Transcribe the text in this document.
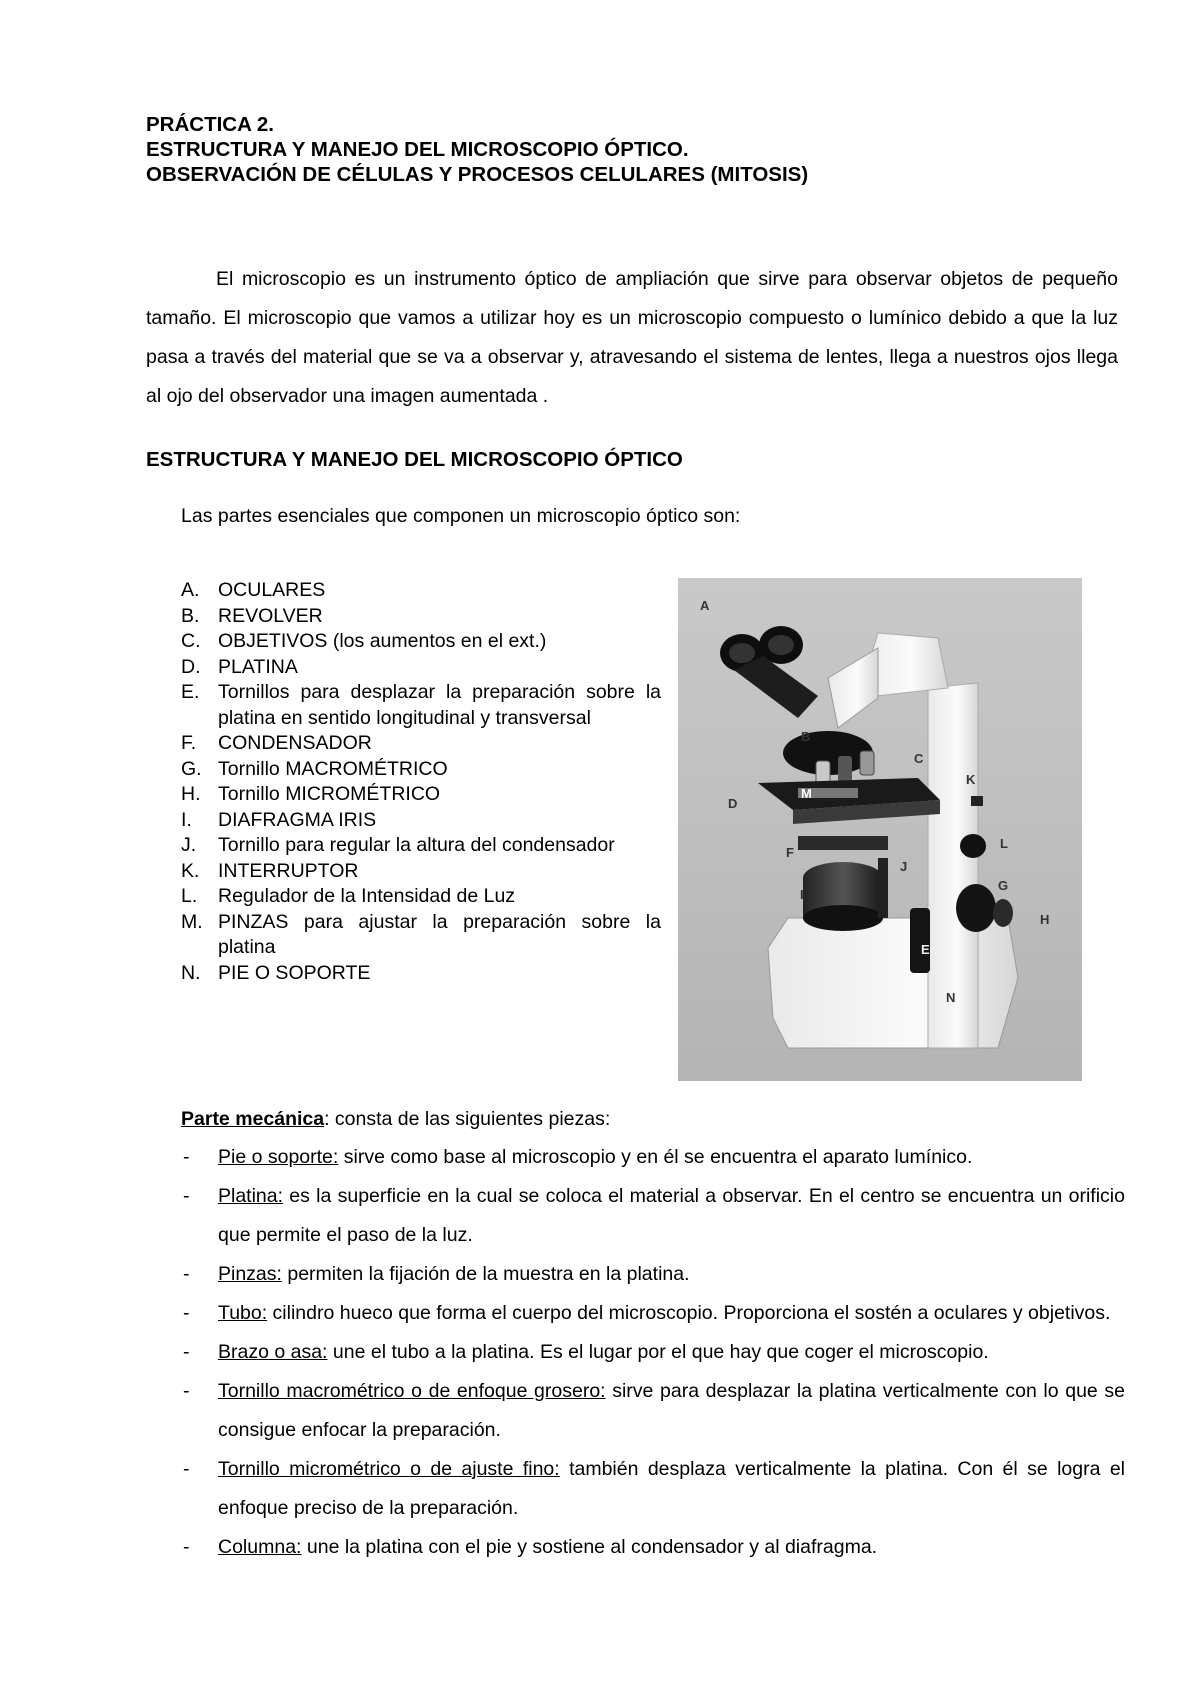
PRÁCTICA 2.
ESTRUCTURA Y MANEJO DEL MICROSCOPIO ÓPTICO.
OBSERVACIÓN DE CÉLULAS Y PROCESOS CELULARES (MITOSIS)

El microscopio es un instrumento óptico de ampliación que sirve para observar objetos de pequeño tamaño. El microscopio que vamos a utilizar hoy es un microscopio compuesto o lumínico debido a que la luz pasa a través del material que se va a observar y, atravesando el sistema de lentes, llega a nuestros ojos llega al ojo del observador una imagen aumentada .

ESTRUCTURA Y MANEJO DEL MICROSCOPIO ÓPTICO
Las partes esenciales que componen un microscopio óptico son:
A. OCULARES
B. REVOLVER
C. OBJETIVOS (los aumentos en el ext.)
D. PLATINA
E. Tornillos para desplazar la preparación sobre la platina en sentido longitudinal y transversal
F.	CONDENSADOR
G. Tornillo MACROMÉTRICO
H. Tornillo MICROMÉTRICO
I.	DIAFRAGMA IRIS
J.	Tornillo para regular la altura del condensador
K. INTERRUPTOR
L.	Regulador de la Intensidad de Luz
M. PINZAS para ajustar la preparación sobre la platina
N. PIE O SOPORTE
A
B
C
D
M
K
L
F
J
I
G
H
E
N
Parte mecánica: consta de las siguientes piezas:
- Pie o soporte: sirve como base al microscopio y en él se encuentra el aparato lumínico.
- Platina: es la superficie en la cual se coloca el material a observar. En el centro se encuentra un orificio que permite el paso de la luz.
- Pinzas: permiten la fijación de la muestra en la platina.
- Tubo: cilindro hueco que forma el cuerpo del microscopio. Proporciona el sostén a oculares y objetivos.
- Brazo o asa: une el tubo a la platina. Es el lugar por el que hay que coger el microscopio.
- Tornillo macrométrico o de enfoque grosero: sirve para desplazar la platina verticalmente con lo que se consigue enfocar la preparación.
- Tornillo micrométrico o de ajuste fino: también desplaza verticalmente la platina. Con él se logra el enfoque preciso de la preparación.
- Columna: une la platina con el pie y sostiene al condensador y al diafragma.
